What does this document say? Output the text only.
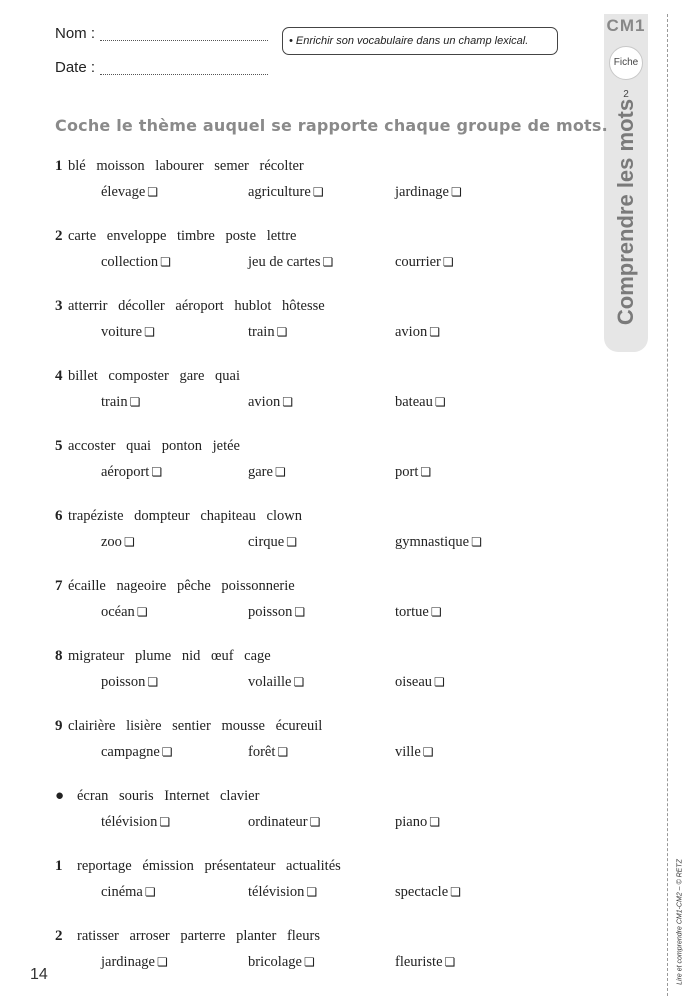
Nom :
Date :
• Enrichir son vocabulaire dans un champ lexical.
CM1
Fiche 2
Comprendre les mots
Lire et comprendre CM1-CM2 – © RETZ
Coche le thème auquel se rapporte chaque groupe de mots.
1 blé moisson labourer semer récolter
élevage ❏	agriculture ❏	jardinage ❏
2 carte enveloppe timbre poste lettre
collection ❏	jeu de cartes ❏	courrier ❏
3 atterrir décoller aéroport hublot hôtesse
voiture ❏	train ❏	avion ❏
4 billet composter gare quai
train ❏	avion ❏	bateau ❏
5 accoster quai ponton jetée
aéroport ❏	gare ❏	port ❏
6 trapéziste dompteur chapiteau clown
zoo ❏	cirque ❏	gymnastique ❏
7 écaille nageoire pêche poissonnerie
océan ❏	poisson ❏	tortue ❏
8 migrateur plume nid œuf cage
poisson ❏	volaille ❏	oiseau ❏
9 clairière lisière sentier mousse écureuil
campagne ❏	forêt ❏	ville ❏
● écran souris Internet clavier
télévision ❏	ordinateur ❏	piano ❏
1 reportage émission présentateur actualités
cinéma ❏	télévision ❏	spectacle ❏
2 ratisser arroser parterre planter fleurs
jardinage ❏	bricolage ❏	fleuriste ❏
14
